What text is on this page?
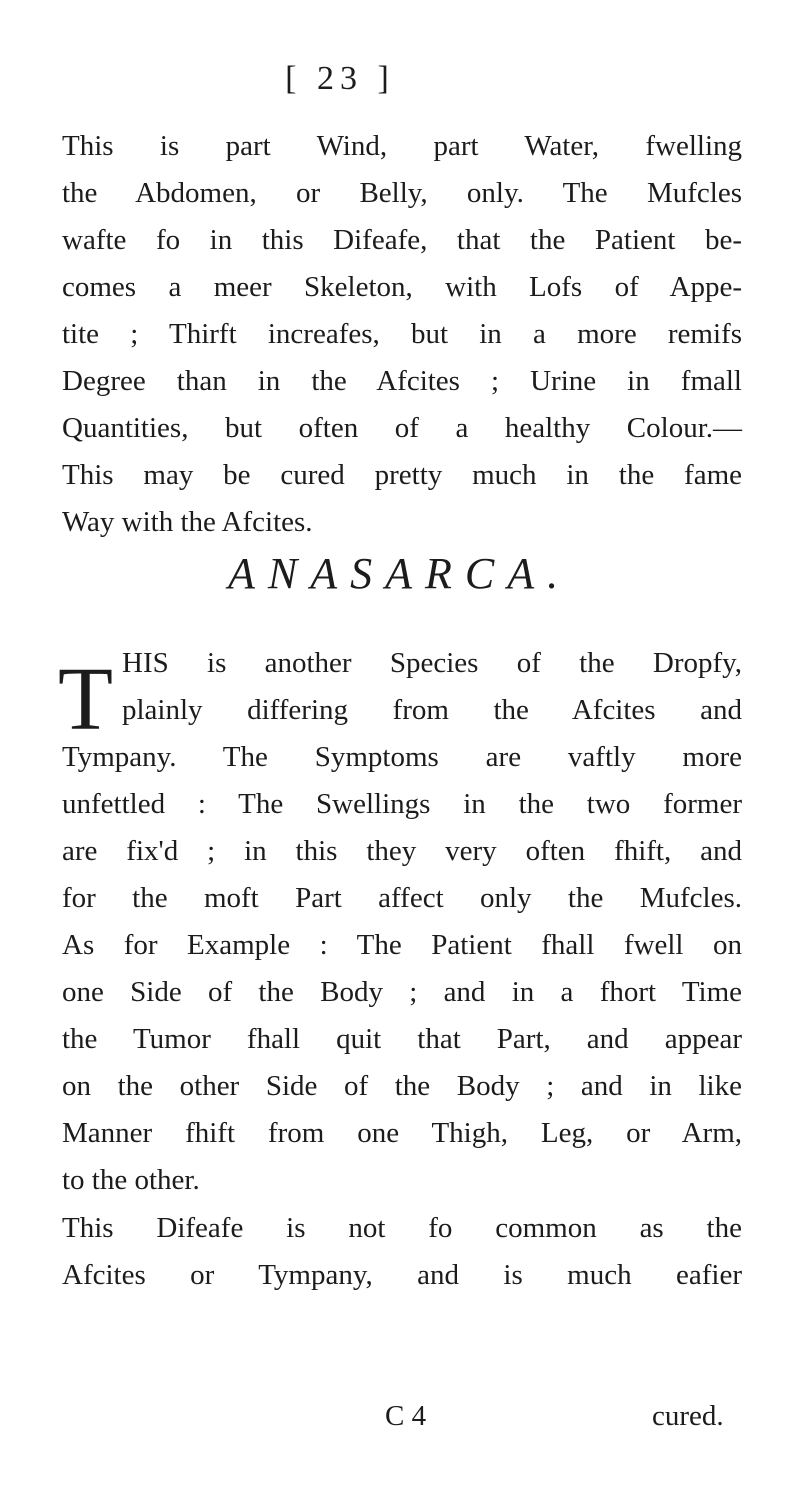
[ 23 ]
This is part Wind, part Water, fwelling
the Abdomen, or Belly, only. The Mufcles
wafte fo in this Difeafe, that the Patient be-
comes a meer Skeleton, with Lofs of Appe-
tite ; Thirft increafes, but in a more remifs
Degree than in the Afcites ; Urine in fmall
Quantities, but often of a healthy Colour.—
This may be cured pretty much in the fame
Way with the Afcites.
ANASARCA.
T HIS is another Species of the Dropfy,
plainly differing from the Afcites and
Tympany. The Symptoms are vaftly more
unfettled : The Swellings in the two former
are fix'd ; in this they very often fhift, and
for the moft Part affect only the Mufcles.
As for Example : The Patient fhall fwell on
one Side of the Body ; and in a fhort Time
the Tumor fhall quit that Part, and appear
on the other Side of the Body ; and in like
Manner fhift from one Thigh, Leg, or Arm,
to the other.
This Difeafe is not fo common as the
Afcites or Tympany, and is much eafier
C 4	cured.
